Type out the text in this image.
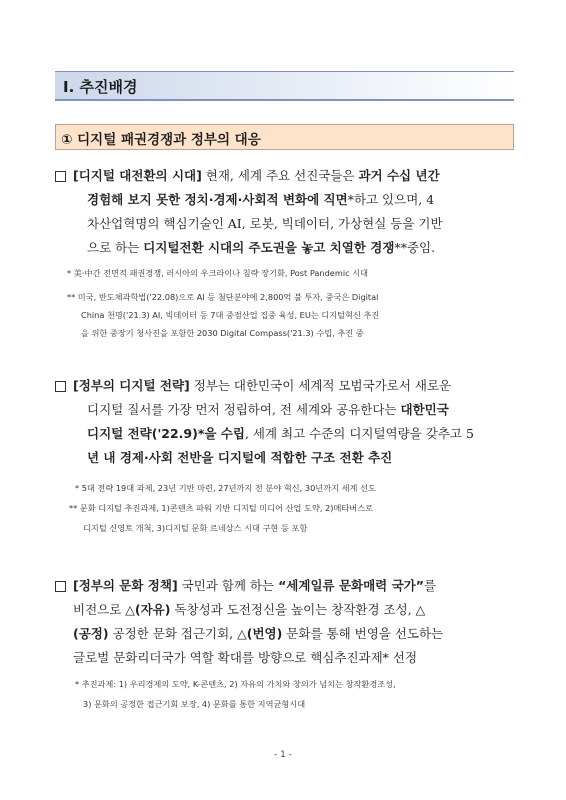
Ⅰ. 추진배경
① 디지털 패권경쟁과 정부의 대응
[디지털 대전환의 시대] 현재, 세계 주요 선진국들은 과거 수십 년간
경험해 보지 못한 정치·경제·사회적 변화에 직면*하고 있으며, 4
차산업혁명의 핵심기술인 AI, 로봇, 빅데이터, 가상현실 등을 기반
으로 하는 디지털전환 시대의 주도권을 놓고 치열한 경쟁**중임.
* 美·中간 전면적 패권경쟁, 러시아의 우크라이나 침략 장기화, Post Pandemic 시대
** 미국, 반도체과학법('22.08)으로 AI 등 첨단분야에 2,800억 불 투자, 중국은 Digital
China 천명('21.3) AI, 빅데이터 등 7대 중점산업 집중 육성, EU는 디지털혁신 추진
을 위한 중장기 청사진을 포함한 2030 Digital Compass('21.3) 수립, 추진 중
[정부의 디지털 전략] 정부는 대한민국이 세계적 모범국가로서 새로운
디지털 질서를 가장 먼저 정립하여, 전 세계와 공유한다는 대한민국
디지털 전략('22.9)*을 수립, 세계 최고 수준의 디지털역량을 갖추고 5
년 내 경제·사회 전반을 디지털에 적합한 구조 전환 추진
* 5대 전략 19대 과제, 23년 기반 마련, 27년까지 전 분야 혁신, 30년까지 세계 선도
** 문화 디지털 추진과제, 1)콘텐츠 파워 기반 디지털 미디어 산업 도약, 2)메타버스로
디지털 신영토 개척, 3)디지털 문화 르네상스 시대 구현 등 포함
[정부의 문화 정책] 국민과 함께 하는 “세계일류 문화매력 국가”를
비전으로 △(자유) 독창성과 도전정신을 높이는 창작환경 조성, △
(공정) 공정한 문화 접근기회, △(번영) 문화를 통해 번영을 선도하는
글로벌 문화리더국가 역할 확대를 방향으로 핵심추진과제* 선정
* 추진과제: 1) 우리경제의 도약, K-콘텐츠, 2) 자유의 가치와 창의가 넘치는 창작환경조성,
3) 문화의 공정한 접근기회 보장, 4) 문화를 통한 지역균형시대
- 1 -
